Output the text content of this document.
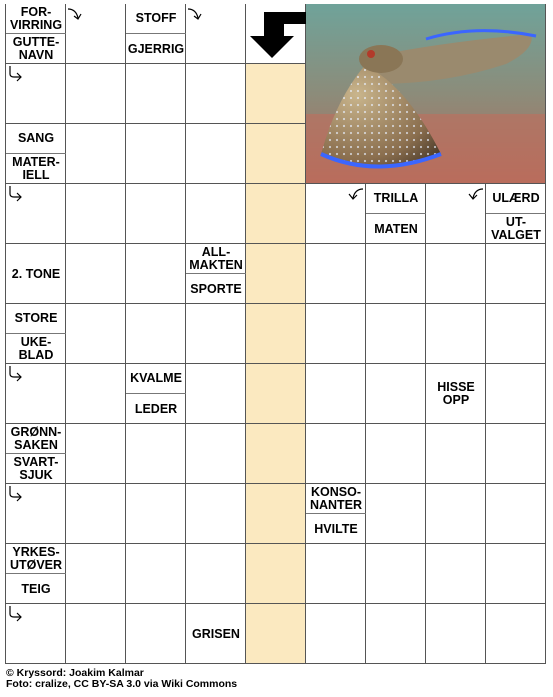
FOR-
VIRRING
GUTTE-
NAVN
SANG
MATER-
IELL
2. TONE
STORE
UKE-
BLAD
GRØNN-
SAKEN
SVART-
SJUK
YRKES-
UTØVER
TEIG
STOFF
GJERRIG
KVALME
LEDER
ALL-
MAKTEN
SPORTE
GRISEN
KONSO-
NANTER
HVILTE
TRILLA
MATEN
HISSE
OPP
ULÆRD
UT-
VALGET
© Kryssord: Joakim Kalmar
Foto: cralize, CC BY-SA 3.0 via Wiki Commons
